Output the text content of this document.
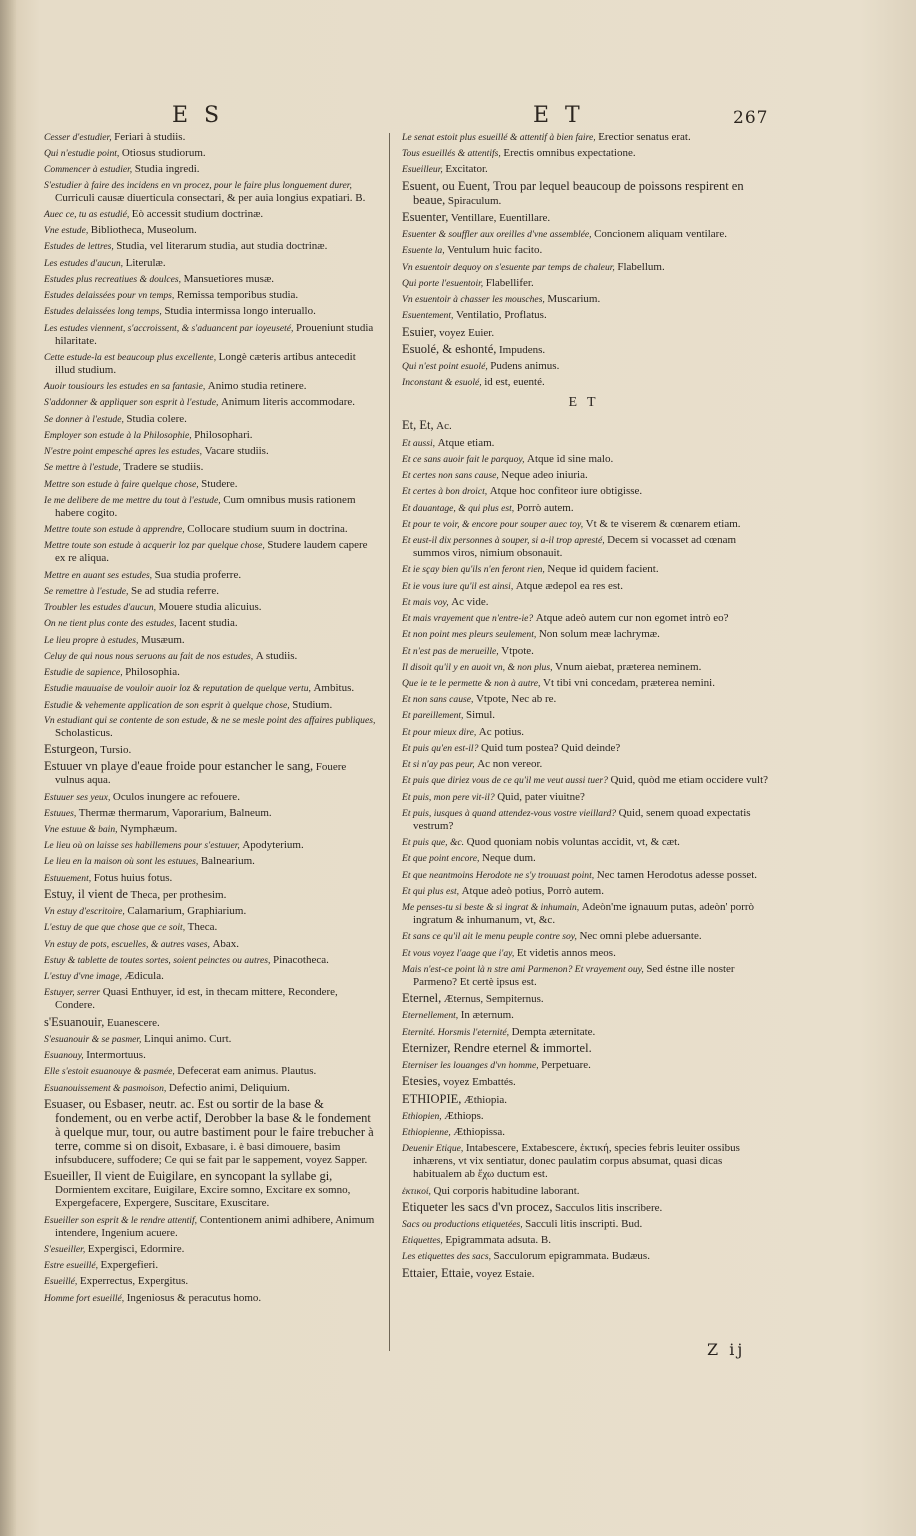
ES	ET	267
Cesser d'estudier, Feriari à studiis.
Qui n'estudie point, Otiosus studiorum.
Commencer à estudier, Studia ingredi.
S'estudier à faire des incidens en vn procez, pour le faire plus longuement durer, Curriculi causæ diuerticula consectari, & per auia longius expatiari. B.
Auec ce, tu as estudié, Eò accessit studium doctrinæ.
Vne estude, Bibliotheca, Museolum.
Estudes de lettres, Studia, vel literarum studia, aut studia doctrinæ.
Les estudes d'aucun, Literulæ.
Estudes plus recreatiues & doulces, Mansuetiores musæ.
Estudes delaissées pour vn temps, Remissa temporibus studia.
Estudes delaissées long temps, Studia intermissa longo interuallo.
Les estudes viennent, s'accroissent, & s'aduancent par ioyeuseté, Proueniunt studia hilaritate.
Cette estude-la est beaucoup plus excellente, Longè cæteris artibus antecedit illud studium.
Auoir tousiours les estudes en sa fantasie, Animo studia retinere.
S'addonner & appliquer son esprit à l'estude, Animum literis accommodare.
Se donner à l'estude, Studia colere.
Employer son estude à la Philosophie, Philosophari.
N'estre point empesché apres les estudes, Vacare studiis.
Se mettre à l'estude, Tradere se studiis.
Mettre son estude à faire quelque chose, Studere.
Ie me delibere de me mettre du tout à l'estude, Cum omnibus musis rationem habere cogito.
Mettre toute son estude à apprendre, Collocare studium suum in doctrina.
Mettre toute son estude à acquerir loz par quelque chose, Studere laudem capere ex re aliqua.
Mettre en auant ses estudes, Sua studia proferre.
Se remettre à l'estude, Se ad studia referre.
Troubler les estudes d'aucun, Mouere studia alicuius.
On ne tient plus conte des estudes, Iacent studia.
Le lieu propre à estudes, Musæum.
Celuy de qui nous nous seruons au fait de nos estudes, A studiis.
Estudie de sapience, Philosophia.
Estudie mauuaise de vouloir auoir loz & reputation de quelque vertu, Ambitus.
Estudie & vehemente application de son esprit à quelque chose, Studium.
Vn estudiant qui se contente de son estude, & ne se mesle point des affaires publiques, Scholasticus.
Esturgeon, Tursio.
Estuuer vn playe d'eaue froide pour estancher le sang, Fouere vulnus aqua.
Estuuer ses yeux, Oculos inungere ac refouere.
Estuues, Thermæ thermarum, Vaporarium, Balneum.
Vne estuue & bain, Nymphæum.
Le lieu où on laisse ses habillemens pour s'estuuer, Apodyterium.
Le lieu en la maison où sont les estuues, Balnearium.
Estuuement, Fotus huius fotus.
Estuy, il vient de Theca, per prothesim.
Vn estuy d'escritoire, Calamarium, Graphiarium.
L'estuy de que que chose que ce soit, Theca.
Vn estuy de pots, escuelles, & autres vases, Abax.
Estuy & tablette de toutes sortes, soient peinctes ou autres, Pinacotheca.
L'estuy d'vne image, Ædicula.
Estuyer, serrer Quasi Enthuyer, id est, in thecam mittere, Recondere, Condere.
s'Esuanouir, Euanescere.
S'esuanouir & se pasmer, Linqui animo. Curt.
Esuanouy, Intermortuus.
Elle s'estoit esuanouye & pasmée, Defecerat eam animus. Plautus.
Esuanouissement & pasmoison, Defectio animi, Deliquium.
Esuaser, ou Esbaser, neutr. ac. Est ou sortir de la base & fondement, ou en verbe actif, Derobber la base & le fondement à quelque mur, tour, ou autre bastiment pour le faire trebucher à terre, comme si on disoit, Exbasare, i. è basi dimouere, basim infsubducere, suffodere; Ce qui se fait par le sappement, voyez Sapper.
Esueiller, Il vient de Euigilare, en syncopant la syllabe gi, Dormientem excitare, Euigilare, Excire somno, Excitare ex somno, Expergefacere, Expergere, Suscitare, Exuscitare.
Esueiller son esprit & le rendre attentif, Contentionem animi adhibere, Animum intendere, Ingenium acuere.
S'esueiller, Expergisci, Edormire.
Estre esueillé, Expergefieri.
Esueillé, Experrectus, Expergitus.
Homme fort esueillé, Ingeniosus & peracutus homo.
Le senat estoit plus esueillé & attentif à bien faire, Erectior senatus erat.
Tous esueillés & attentifs, Erectis omnibus expectatione.
Esueilleur, Excitator.
Esuent, ou Euent, Trou par lequel beaucoup de poissons respirent en beaue, Spiraculum.
Esuenter, Ventillare, Euentillare.
Esuenter & souffler aux oreilles d'vne assemblée, Concionem aliquam ventilare.
Esuente la, Ventulum huic facito.
Vn esuentoir dequoy on s'esuente par temps de chaleur, Flabellum.
Qui porte l'esuentoir, Flabellifer.
Vn esuentoir à chasser les mousches, Muscarium.
Esuentement, Ventilatio, Proflatus.
Esuier, voyez Euier.
Esuolé, & eshonté, Impudens.
Qui n'est point esuolé, Pudens animus.
Inconstant & esuolé, id est, euenté.
ET
Et, Et, Ac.
Et aussi, Atque etiam.
Et ce sans auoir fait le parquoy, Atque id sine malo.
Et certes non sans cause, Neque adeo iniuria.
Et certes à bon droict, Atque hoc confiteor iure obtigisse.
Et dauantage, & qui plus est, Porrò autem.
Et pour te voir, & encore pour souper auec toy, Vt & te viserem & cœnarem etiam.
Et eust-il dix personnes à souper, si a-il trop apresté, Decem si vocasset ad cœnam summos viros, nimium obsonauit.
Et ie sçay bien qu'ils n'en feront rien, Neque id quidem facient.
Et ie vous iure qu'il est ainsi, Atque ædepol ea res est.
Et mais voy, Ac vide.
Et mais vrayement que n'entre-ie? Atque adeò autem cur non egomet intrò eo?
Et non point mes pleurs seulement, Non solum meæ lachrymæ.
Et n'est pas de merueille, Vtpote.
Il disoit qu'il y en auoit vn, & non plus, Vnum aiebat, præterea neminem.
Que ie te le permette & non à autre, Vt tibi vni concedam, præterea nemini.
Et non sans cause, Vtpote, Nec ab re.
Et pareillement, Simul.
Et pour mieux dire, Ac potius.
Et puis qu'en est-il? Quid tum postea? Quid deinde?
Et si n'ay pas peur, Ac non vereor.
Et puis que diriez vous de ce qu'il me veut aussi tuer? Quid, quòd me etiam occidere vult?
Et puis, mon pere vit-il? Quid, pater viuitne?
Et puis, iusques à quand attendez-vous vostre vieillard? Quid, senem quoad expectatis vestrum?
Et puis que, &c. Quod quoniam nobis voluntas accidit, vt, & cæt.
Et que point encore, Neque dum.
Et que neantmoins Herodote ne s'y trouuast point, Nec tamen Herodotus adesse posset.
Et qui plus est, Atque adeò potius, Porrò autem.
Me penses-tu si beste & si ingrat & inhumain, Adeòn'me ignauum putas, adeòn' porrò ingratum & inhumanum, vt, &c.
Et sans ce qu'il ait le menu peuple contre soy, Nec omni plebe aduersante.
Et vous voyez l'aage que i'ay, Et videtis annos meos.
Mais n'est-ce point là n stre ami Parmenon? Et vrayement ouy, Sed éstne ille noster Parmeno? Et certè ipsus est.
Eternel, Æternus, Sempiternus.
Eternellement, In æternum.
Eternité. Horsmis l'eternité, Dempta æternitate.
Eternizer, Rendre eternel & immortel.
Eterniser les louanges d'vn homme, Perpetuare.
Etesies, voyez Embattés.
ETHIOPIE, Æthiopia.
Ethiopien, Æthiops.
Ethiopienne, Æthiopissa.
Deuenir Etique, Intabescere, Extabescere, ἑκτική, species febris leuiter ossibus inhærens, vt vix sentiatur, donec paulatim corpus absumat, quasi dicas habitualem ab ἔχω ductum est.
ἑκτικοί, Qui corporis habitudine laborant.
Etiqueter les sacs d'vn procez, Sacculos litis inscribere.
Sacs ou productions etiquetées, Sacculi litis inscripti. Bud.
Etiquettes, Epigrammata adsuta. B.
Les etiquettes des sacs, Sacculorum epigrammata. Budæus.
Ettaier, Ettaie, voyez Estaie.
Z ij
